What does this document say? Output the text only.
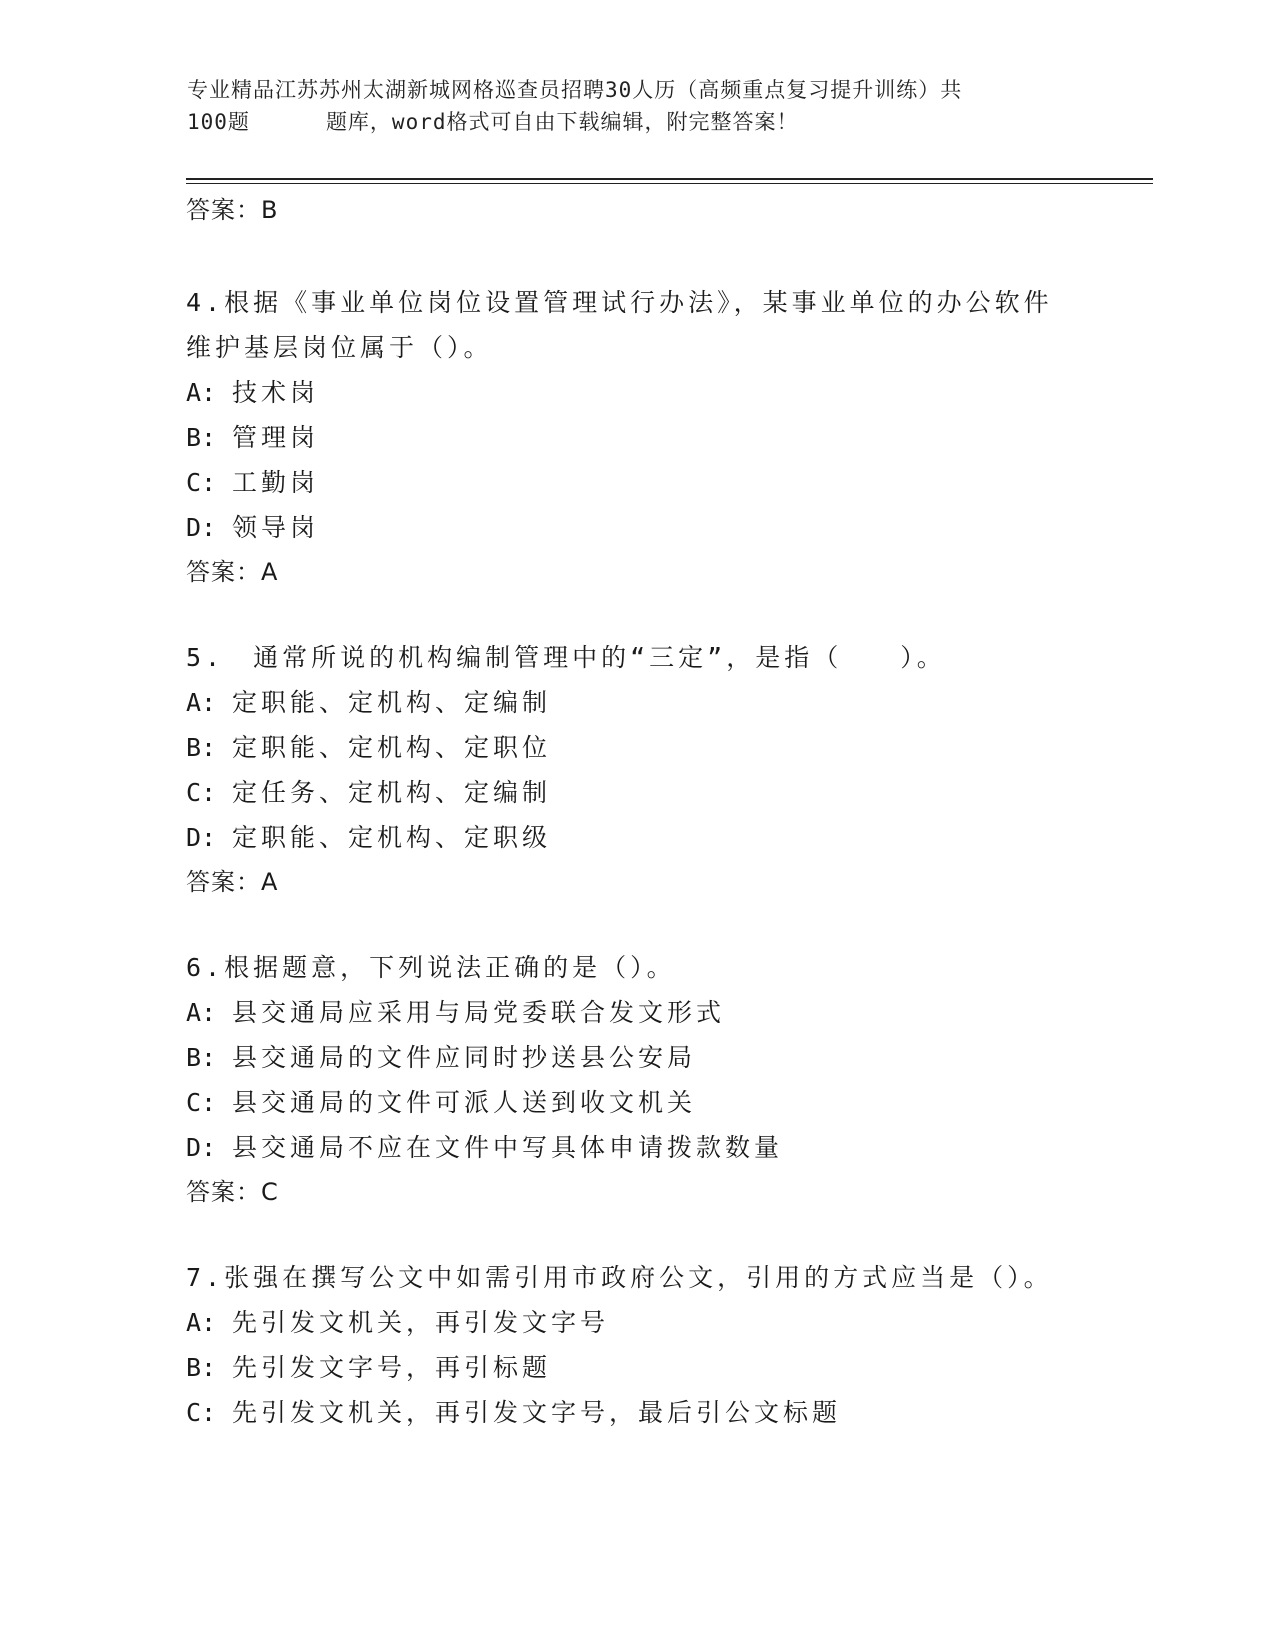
专业精品江苏苏州太湖新城网格巡查员招聘30人历（高频重点复习提升训练）共
100题	题库，word格式可自由下载编辑，附完整答案！
答案：B
4.根据《事业单位岗位设置管理试行办法》，某事业单位的办公软件
维护基层岗位属于（）。
A: 技术岗
B: 管理岗
C: 工勤岗
D: 领导岗
答案：A
5.　通常所说的机构编制管理中的“三定”，是指（　　）。
A: 定职能、定机构、定编制
B: 定职能、定机构、定职位
C: 定任务、定机构、定编制
D: 定职能、定机构、定职级
答案：A
6.根据题意，下列说法正确的是（）。
A: 县交通局应采用与局党委联合发文形式
B: 县交通局的文件应同时抄送县公安局
C: 县交通局的文件可派人送到收文机关
D: 县交通局不应在文件中写具体申请拨款数量
答案：C
7.张强在撰写公文中如需引用市政府公文，引用的方式应当是（）。
A: 先引发文机关，再引发文字号
B: 先引发文字号，再引标题
C: 先引发文机关，再引发文字号，最后引公文标题
